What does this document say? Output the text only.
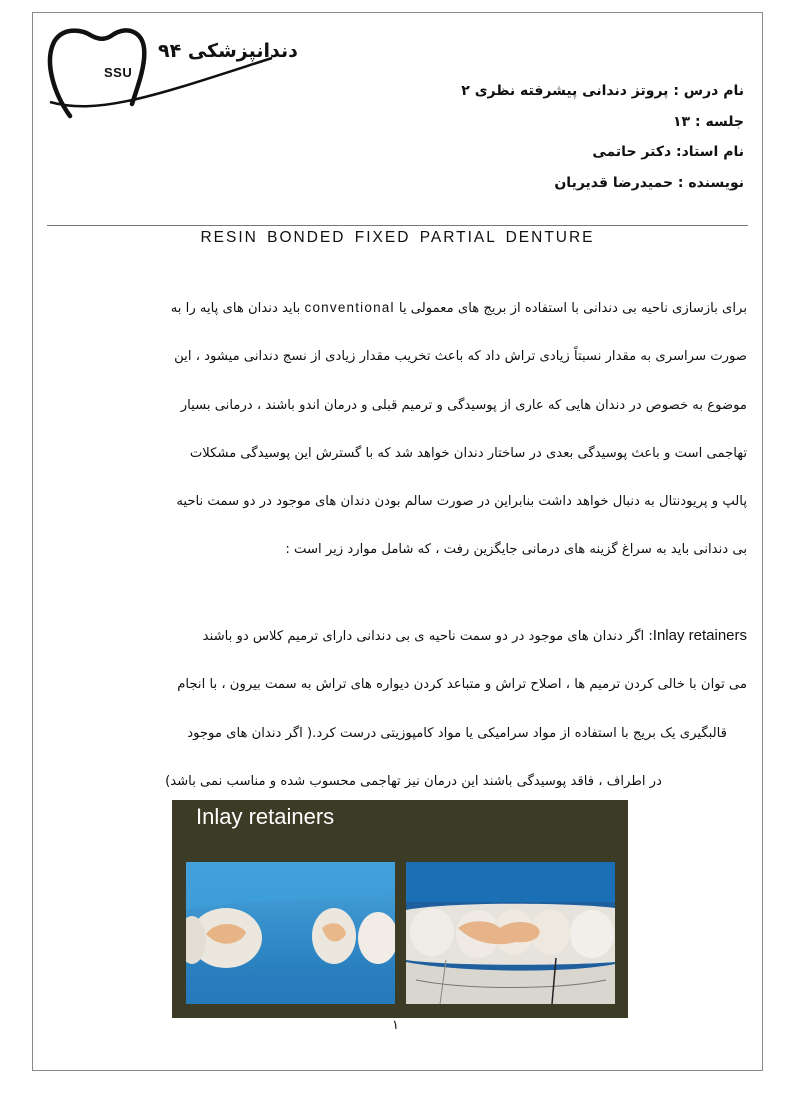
دندانپزشکی ۹۴
SSU
نام درس : پروتز دندانی پیشرفته نظری ۲
جلسه : ۱۳
نام استاد: دکتر حاتمی
نویسنده : حمیدرضا قدیریان
RESIN BONDED FIXED PARTIAL DENTURE
برای بازسازی ناحیه بی دندانی با استفاده از بریج های معمولی یا conventional باید دندان های پایه را به
صورت سراسری به مقدار نسبتاً زیادی تراش داد که باعث تخریب مقدار زیادی از نسج دندانی میشود ، این
موضوع به خصوص در دندان هایی که عاری از پوسیدگی و ترمیم قبلی و درمان اندو باشند ، درمانی بسیار
تهاجمی است و باعث پوسیدگی بعدی در ساختار دندان خواهد شد که با گسترش این پوسیدگی مشکلات
پالپ و پریودنتال به دنبال خواهد داشت بنابراین در صورت سالم بودن دندان های موجود در دو سمت ناحیه
بی دندانی باید به سراغ گزینه های درمانی جایگزین رفت ، که شامل موارد زیر است :
Inlay retainers: اگر دندان های موجود در دو سمت ناحیه ی بی دندانی دارای ترمیم کلاس دو باشند
می توان با خالی کردن ترمیم ها ، اصلاح تراش و متباعد کردن دیواره های تراش به سمت بیرون ، با انجام
قالبگیری یک بریج با استفاده از مواد سرامیکی یا مواد کامپوزیتی درست کرد.( اگر دندان های موجود
در اطراف ، فاقد پوسیدگی باشند این درمان نیز تهاجمی محسوب شده و مناسب نمی باشد)
Inlay retainers
۱
